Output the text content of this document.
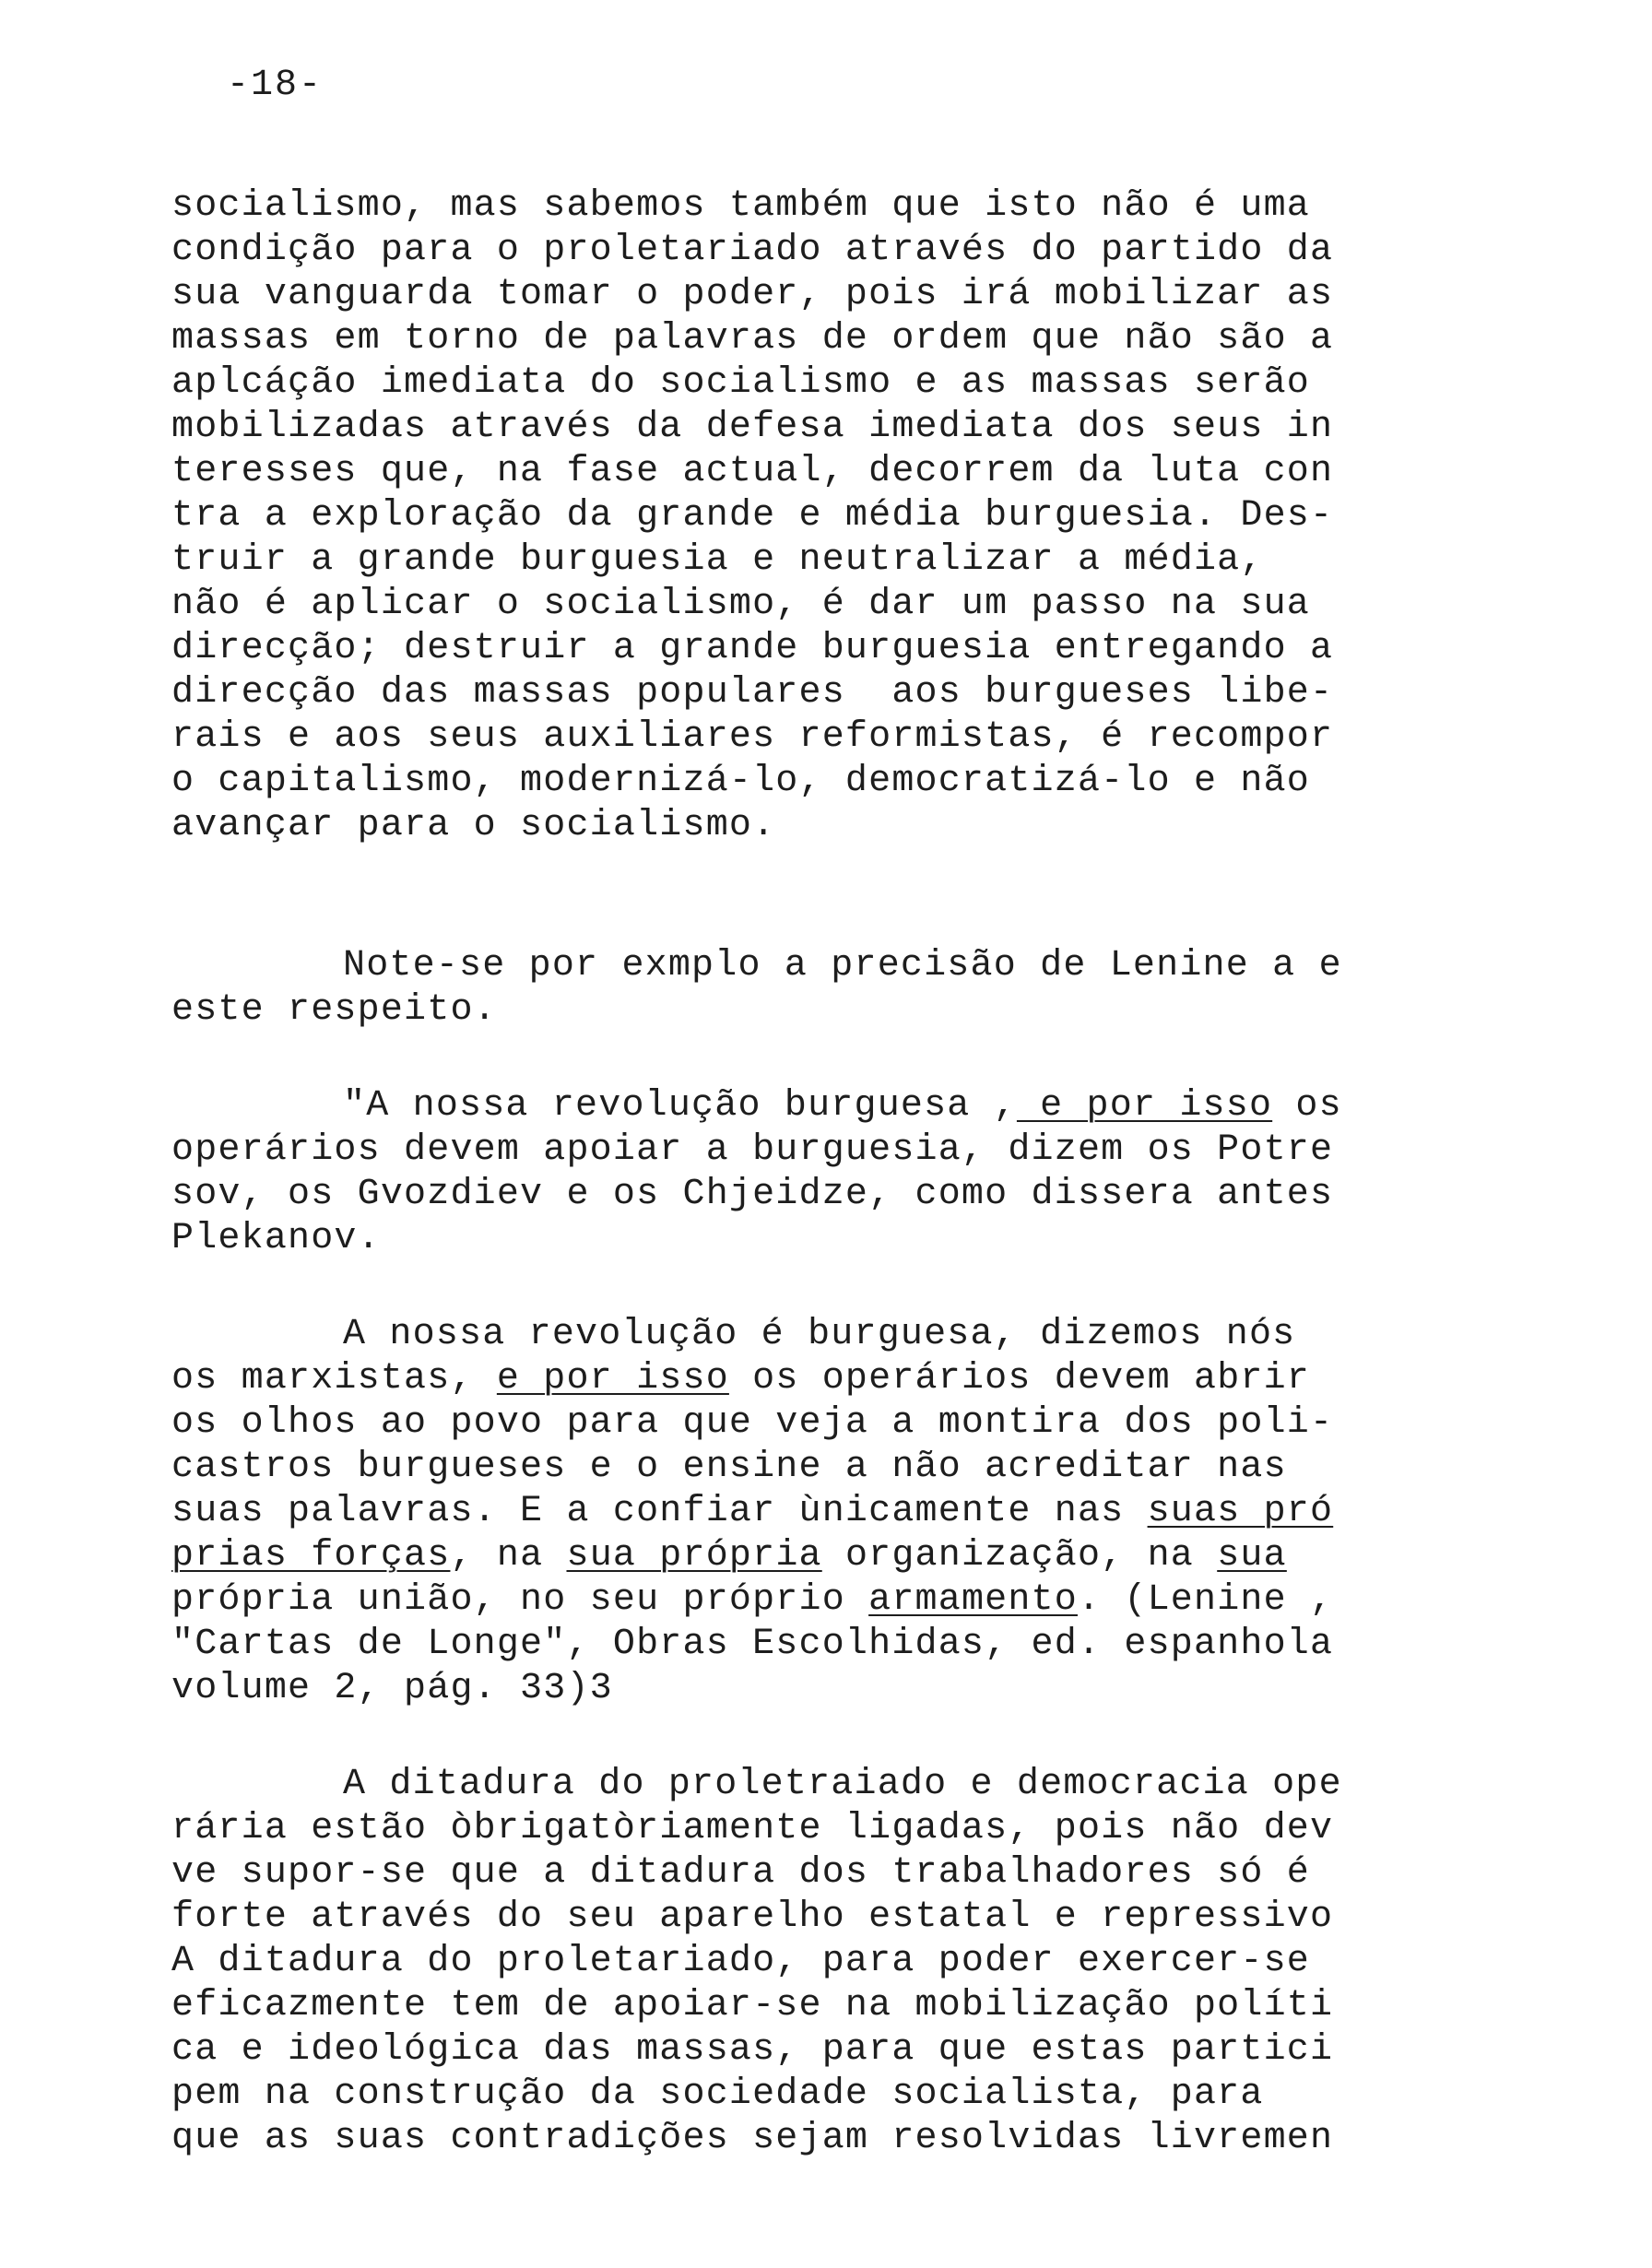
-18-
socialismo, mas sabemos também que isto não é uma
condição para o proletariado através do partido da
sua vanguarda tomar o poder, pois irá mobilizar as
massas em torno de palavras de ordem que não são a
aplcáção imediata do socialismo e as massas serão
mobilizadas através da defesa imediata dos seus in
teresses que, na fase actual, decorrem da luta con
tra a exploração da grande e média burguesia. Des-
truir a grande burguesia e neutralizar a média,
não é aplicar o socialismo, é dar um passo na sua
direcção; destruir a grande burguesia entregando a
direcção das massas populares  aos burgueses libe-
rais e aos seus auxiliares reformistas, é recompor
o capitalismo, modernizá-lo, democratizá-lo e não
avançar para o socialismo.
Note-se por exmplo a precisão de Lenine a e
este respeito.
"A nossa revolução burguesa , e por isso os
operários devem apoiar a burguesia, dizem os Potre
sov, os Gvozdiev e os Chjeidze, como dissera antes
Plekanov.
A nossa revolução é burguesa, dizemos nós
os marxistas, e por isso os operários devem abrir
os olhos ao povo para que veja a montira dos poli-
castros burgueses e o ensine a não acreditar nas
suas palavras. E a confiar ùnicamente nas suas pró
prias forças, na sua própria organização, na sua
própria união, no seu próprio armamento. (Lenine ,
"Cartas de Longe", Obras Escolhidas, ed. espanhola
volume 2, pág. 33)3
A ditadura do proletraiado e democracia ope
rária estão òbrigatòriamente ligadas, pois não dev
ve supor-se que a ditadura dos trabalhadores só é
forte através do seu aparelho estatal e repressivo
A ditadura do proletariado, para poder exercer-se
eficazmente tem de apoiar-se na mobilização políti
ca e ideológica das massas, para que estas partici
pem na construção da sociedade socialista, para
que as suas contradições sejam resolvidas livremen
